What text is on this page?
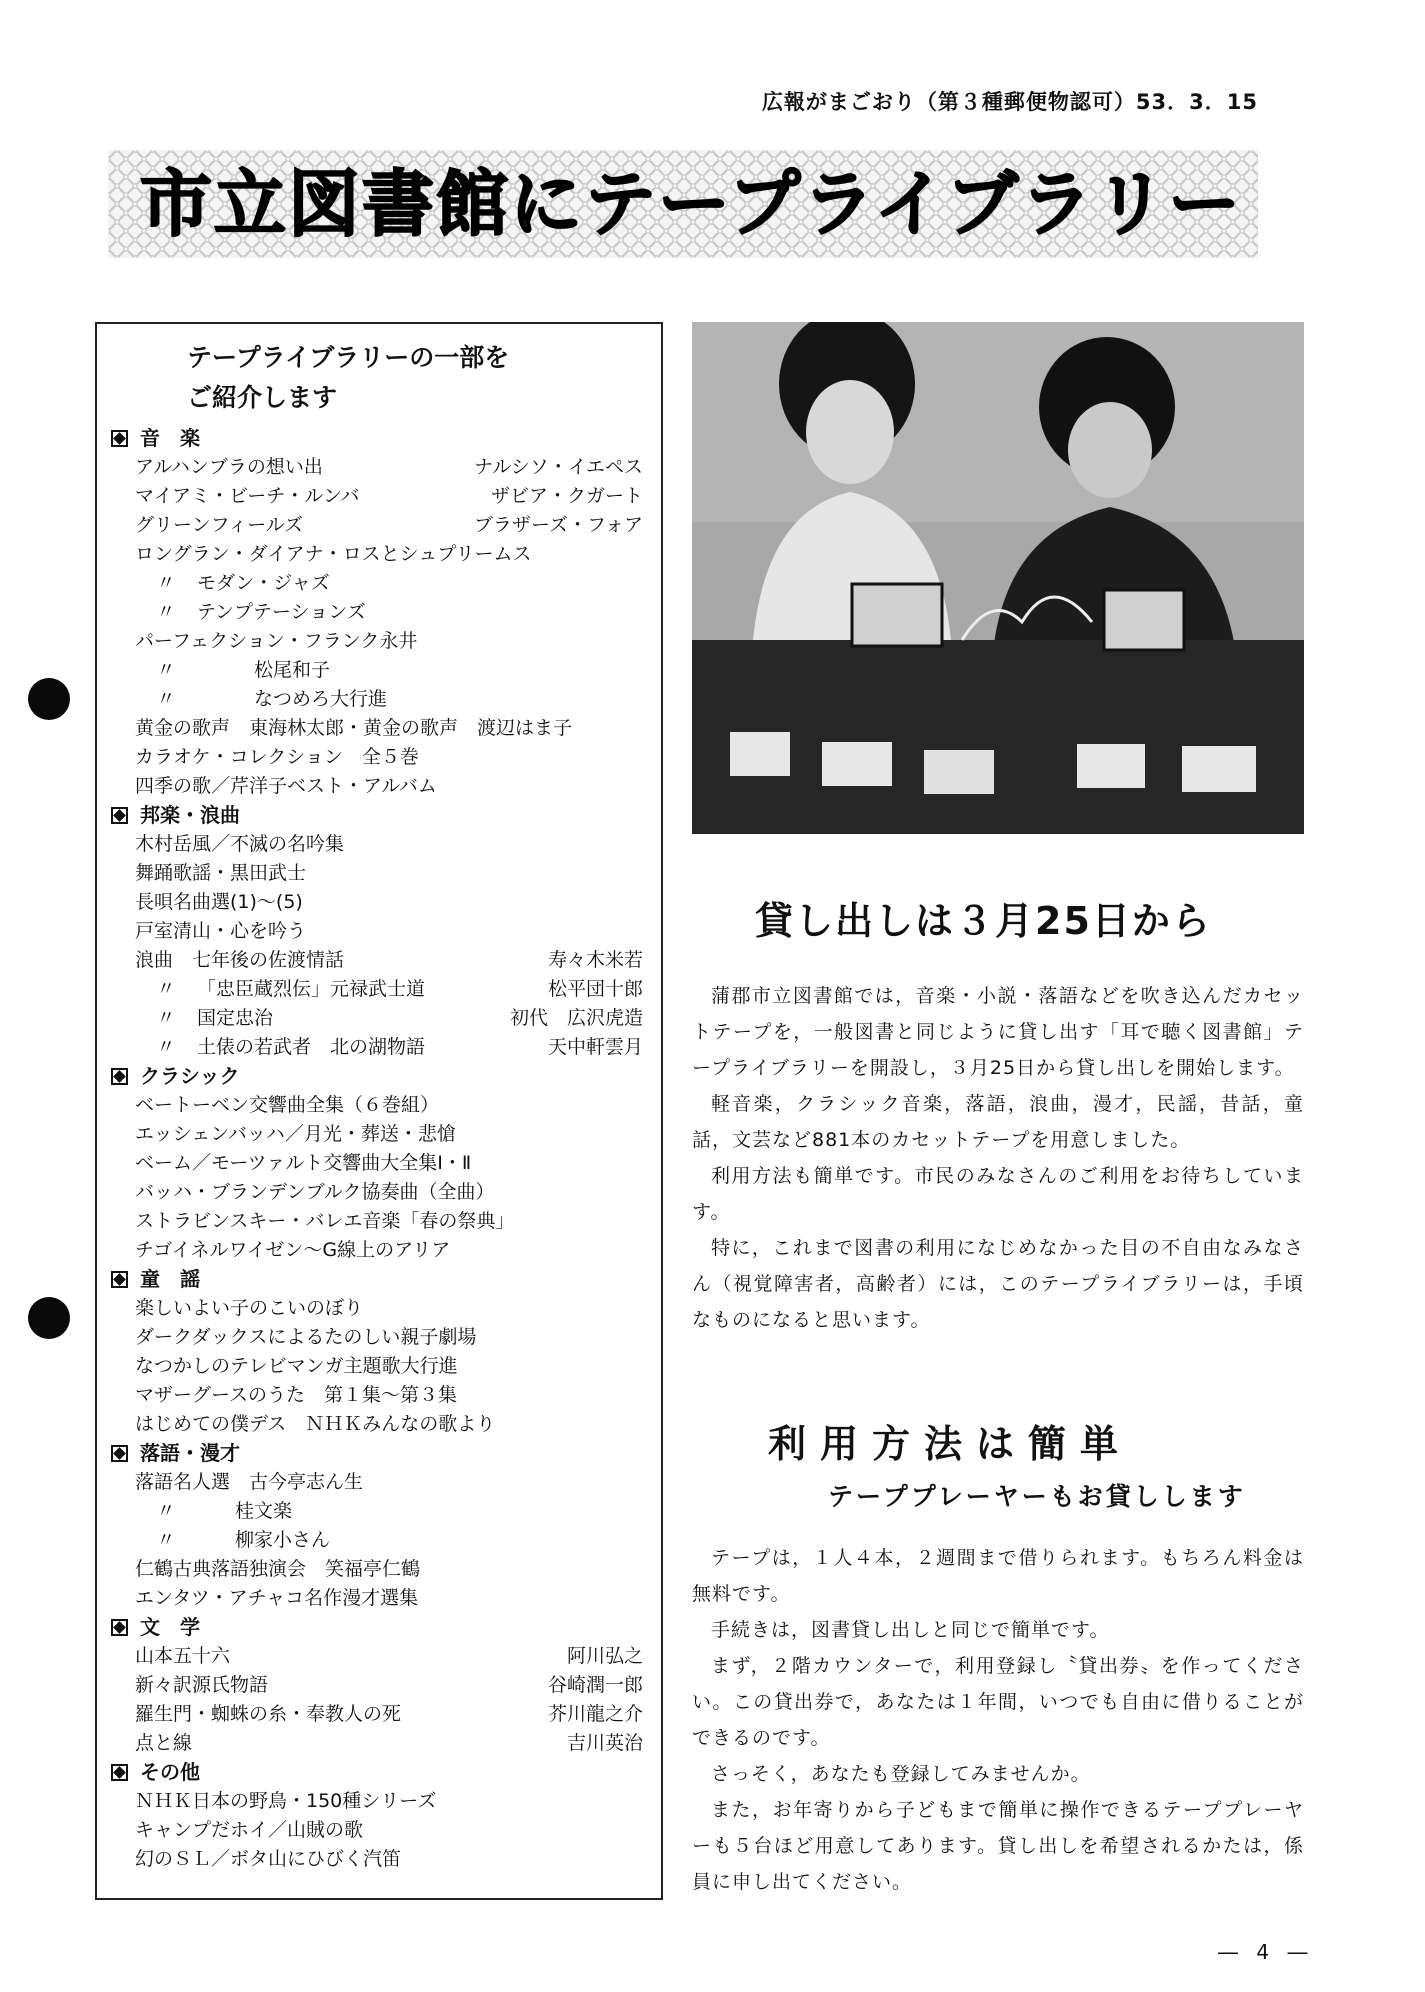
広報がまごおり（第３種郵便物認可）53．3．15
市立図書館にテープライブラリー
テープライブラリーの一部を
ご紹介します
音　楽
アルハンブラの想い出	ナルシソ・イエペス
マイアミ・ビーチ・ルンバ	ザビア・クガート
グリーンフィールズ	ブラザーズ・フォア
ロングラン・ダイアナ・ロスとシュプリームス
〃 モダン・ジャズ
〃 テンプテーションズ
パーフェクション・フランク永井
〃　　　松尾和子
〃　　　なつめろ大行進
黄金の歌声　東海林太郎・黄金の歌声　渡辺はま子
カラオケ・コレクション　全５巻
四季の歌／芹洋子ベスト・アルバム
邦楽・浪曲
木村岳風／不滅の名吟集
舞踊歌謡・黒田武士
長唄名曲選(1)〜(5)
戸室清山・心を吟う
浪曲　七年後の佐渡情話	寿々木米若
〃 「忠臣蔵烈伝」元禄武士道	松平団十郎
〃 国定忠治	初代　広沢虎造
〃 土俵の若武者　北の湖物語	天中軒雲月
クラシック
ベートーベン交響曲全集（６巻組）
エッシェンバッハ／月光・葬送・悲愴
ベーム／モーツァルト交響曲大全集Ⅰ・Ⅱ
バッハ・ブランデンブルク協奏曲（全曲）
ストラビンスキー・バレエ音楽「春の祭典」
チゴイネルワイゼン〜G線上のアリア
童　謡
楽しいよい子のこいのぼり
ダークダックスによるたのしい親子劇場
なつかしのテレビマンガ主題歌大行進
マザーグースのうた　第１集〜第３集
はじめての僕デス　ＮＨＫみんなの歌より
落語・漫才
落語名人選　古今亭志ん生
〃　　桂文楽
〃　　柳家小さん
仁鶴古典落語独演会　笑福亭仁鶴
エンタツ・アチャコ名作漫才選集
文　学
山本五十六	阿川弘之
新々訳源氏物語	谷崎潤一郎
羅生門・蜘蛛の糸・奉教人の死	芥川龍之介
点と線	吉川英治
その他
ＮＨＫ日本の野鳥・150種シリーズ
キャンプだホイ／山賊の歌
幻のＳＬ／ボタ山にひびく汽笛
貸し出しは３月25日から
蒲郡市立図書館では，音楽・小説・落語などを吹き込んだカセットテープを，一般図書と同じように貸し出す「耳で聴く図書館」テープライブラリーを開設し，３月25日から貸し出しを開始します。
軽音楽，クラシック音楽，落語，浪曲，漫才，民謡，昔話，童話，文芸など881本のカセットテープを用意しました。
利用方法も簡単です。市民のみなさんのご利用をお待ちしています。
特に，これまで図書の利用になじめなかった目の不自由なみなさん（視覚障害者，高齢者）には，このテープライブラリーは，手頃なものになると思います。
利用方法は簡単
テーププレーヤーもお貸しします
テープは，１人４本，２週間まで借りられます。もちろん料金は無料です。
手続きは，図書貸し出しと同じで簡単です。
まず，２階カウンターで，利用登録し〝貸出券〟を作ってください。この貸出券で，あなたは１年間，いつでも自由に借りることができるのです。
さっそく，あなたも登録してみませんか。
また，お年寄りから子どもまで簡単に操作できるテーププレーヤーも５台ほど用意してあります。貸し出しを希望されるかたは，係員に申し出てください。
― 4 ―
